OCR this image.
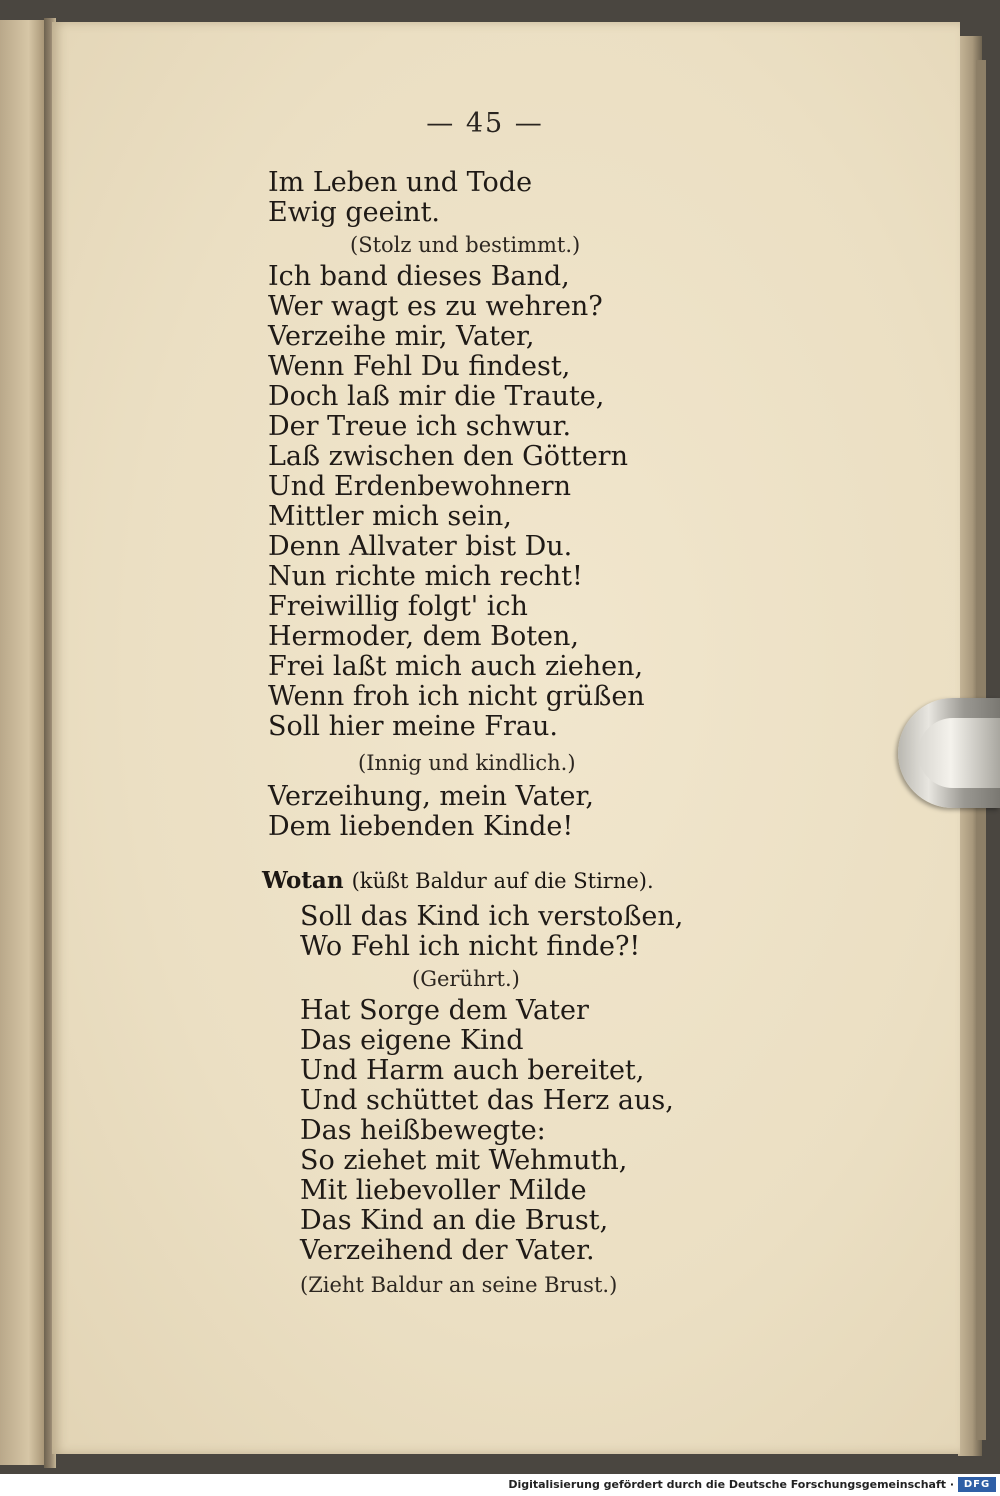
— 45 —
Im Leben und Tode
Ewig geeint.
(Stolz und bestimmt.)
Ich band dieses Band,
Wer wagt es zu wehren?
Verzeihe mir, Vater,
Wenn Fehl Du findest,
Doch laß mir die Traute,
Der Treue ich schwur.
Laß zwischen den Göttern
Und Erdenbewohnern
Mittler mich sein,
Denn Allvater bist Du.
Nun richte mich recht!
Freiwillig folgt' ich
Hermoder, dem Boten,
Frei laßt mich auch ziehen,
Wenn froh ich nicht grüßen
Soll hier meine Frau.
(Innig und kindlich.)
Verzeihung, mein Vater,
Dem liebenden Kinde!
Wotan (küßt Baldur auf die Stirne).
Soll das Kind ich verstoßen,
Wo Fehl ich nicht finde?!
(Gerührt.)
Hat Sorge dem Vater
Das eigene Kind
Und Harm auch bereitet,
Und schüttet das Herz aus,
Das heißbewegte:
So ziehet mit Wehmuth,
Mit liebevoller Milde
Das Kind an die Brust,
Verzeihend der Vater.
(Zieht Baldur an seine Brust.)
Digitalisierung gefördert durch die Deutsche Forschungsgemeinschaft · DFG
